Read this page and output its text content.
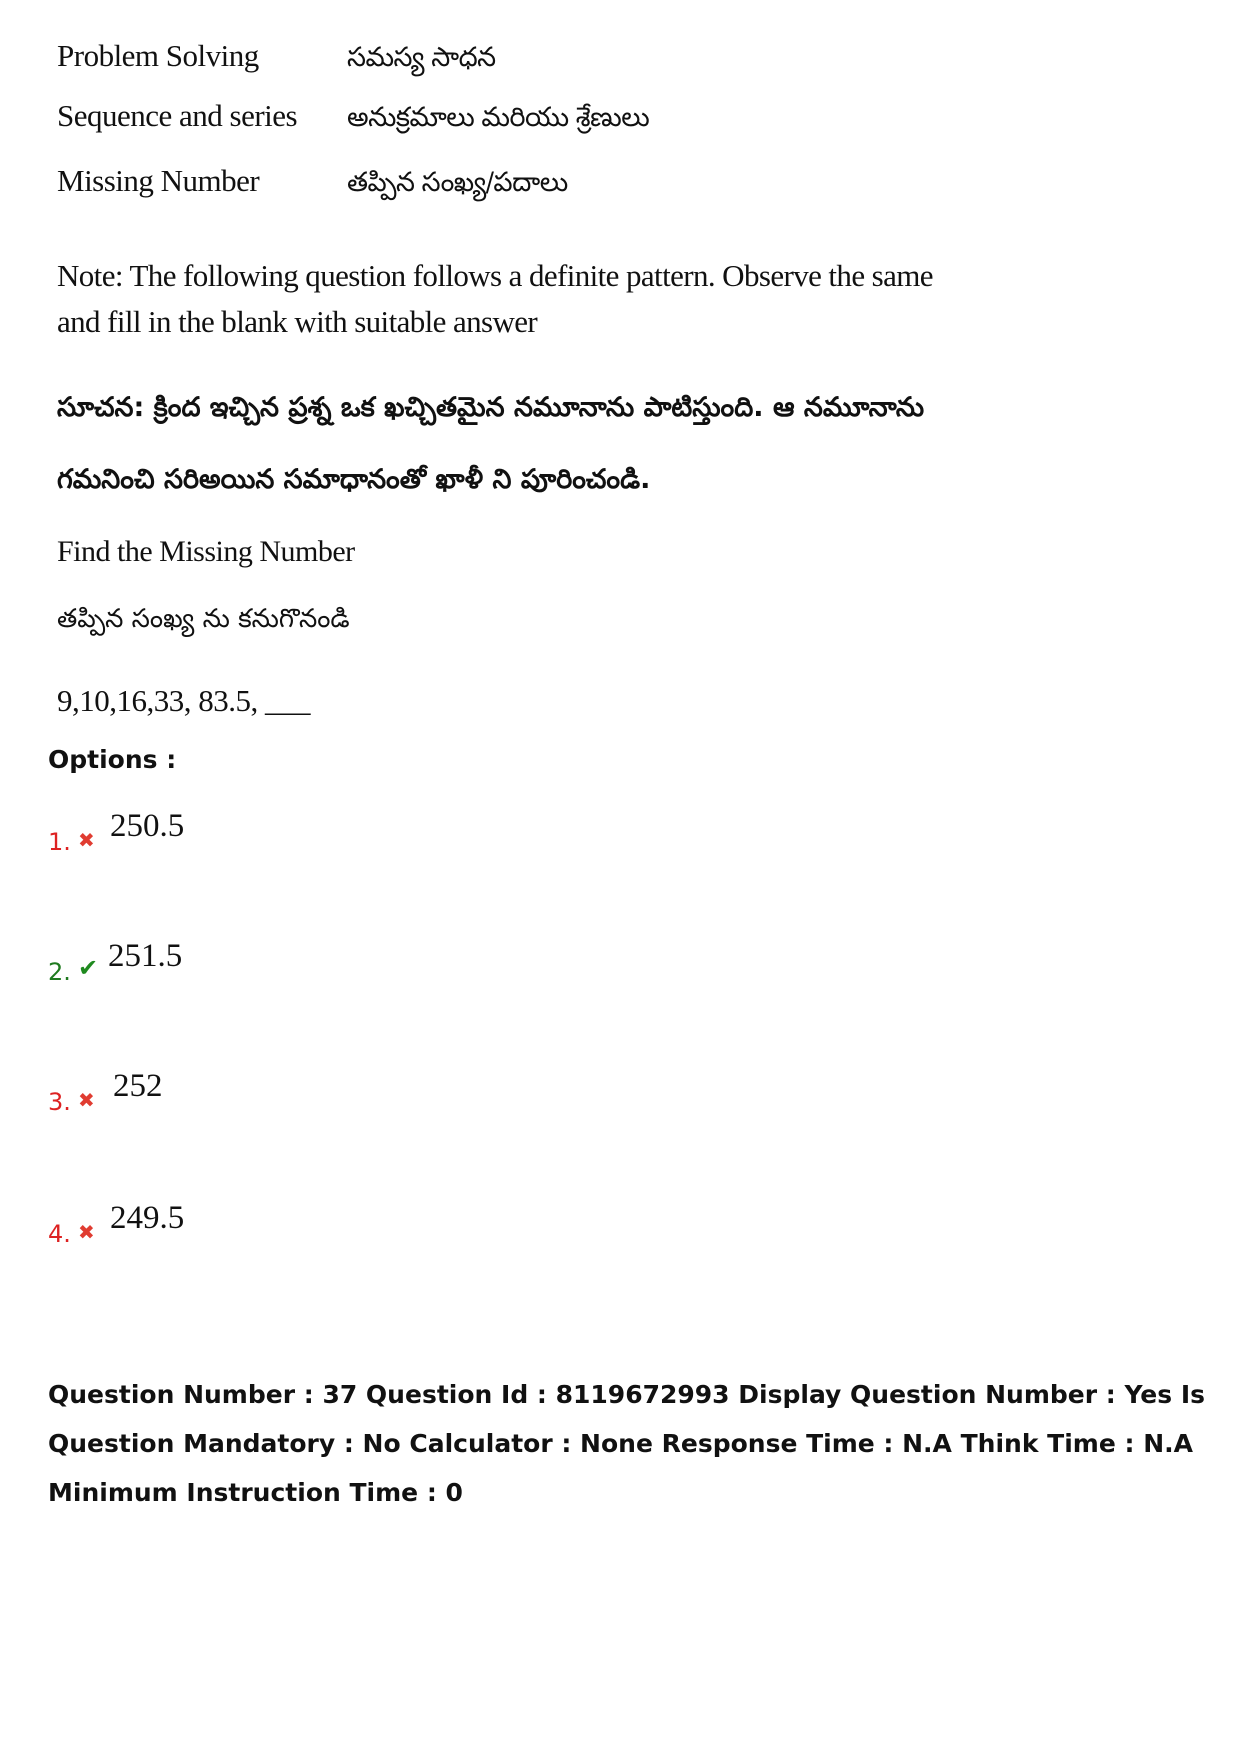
Problem Solving	సమస్య సాధన
Sequence and series అనుక్రమాలు మరియు శ్రేణులు
Missing Number	తప్పిన సంఖ్య/పదాలు
Note: The following question follows a definite pattern. Observe the same and fill in the blank with suitable answer
సూచన: క్రింద ఇచ్చిన ప్రశ్న ఒక ఖచ్చితమైన నమూనాను పాటిస్తుంది. ఆ నమూనాను గమనించి సరిఅయిన సమాధానంతో ఖాళీ ని పూరించండి.
Find the Missing Number
తప్పిన సంఖ్య ను కనుగొనండి
9,10,16,33, 83.5, ___
Options :
1. ✖ 250.5
2. ✔ 251.5
3. ✖ 252
4. ✖ 249.5
Question Number : 37 Question Id : 8119672993 Display Question Number : Yes Is Question Mandatory : No Calculator : None Response Time : N.A Think Time : N.A Minimum Instruction Time : 0
